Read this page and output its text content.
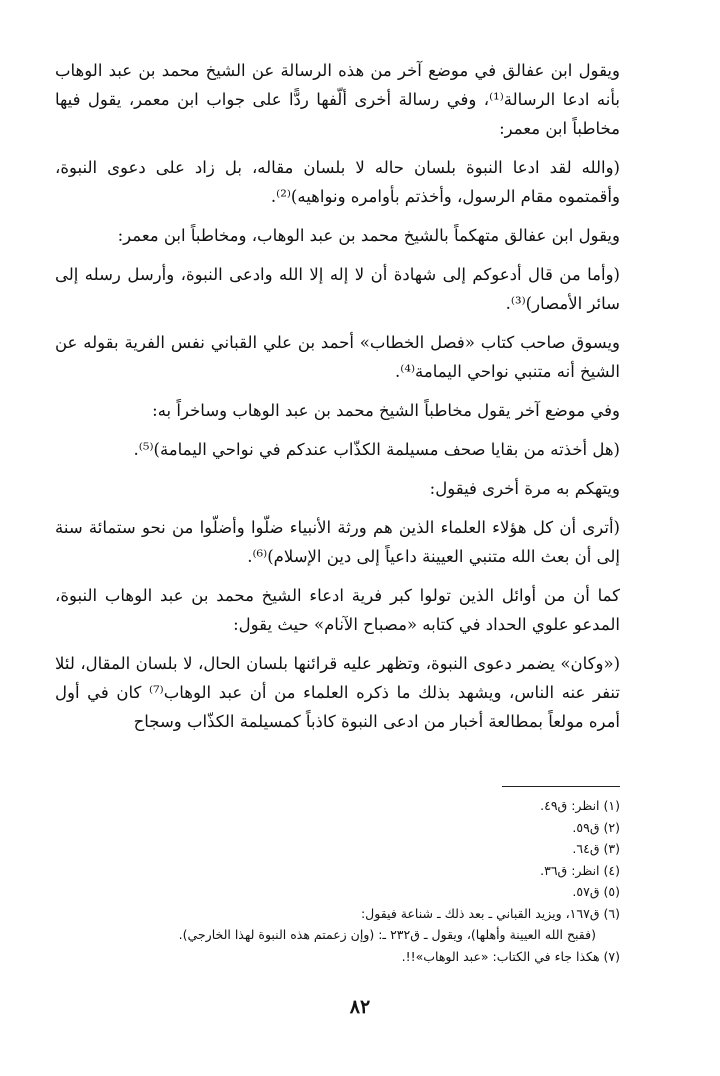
ويقول ابن عفالق في موضع آخر من هذه الرسالة عن الشيخ محمد بن عبد الوهاب بأنه ادعا الرسالة⁽¹⁾، وفي رسالة أخرى ألّفها ردًّا على جواب ابن معمر، يقول فيها مخاطباً ابن معمر:

(والله لقد ادعا النبوة بلسان حاله لا بلسان مقاله، بل زاد على دعوى النبوة، وأقمتموه مقام الرسول، وأخذتم بأوامره ونواهيه)⁽²⁾.

ويقول ابن عفالق متهكماً بالشيخ محمد بن عبد الوهاب، ومخاطباً ابن معمر:

(وأما من قال أدعوكم إلى شهادة أن لا إله إلا الله وادعى النبوة، وأرسل رسله إلى سائر الأمصار)⁽³⁾.

ويسوق صاحب كتاب «فصل الخطاب» أحمد بن علي القباني نفس الفرية بقوله عن الشيخ أنه متنبي نواحي اليمامة⁽⁴⁾.

وفي موضع آخر يقول مخاطباً الشيخ محمد بن عبد الوهاب وساخراً به:

(هل أخذته من بقايا صحف مسيلمة الكذّاب عندكم في نواحي اليمامة)⁽⁵⁾.

ويتهكم به مرة أخرى فيقول:

(أترى أن كل هؤلاء العلماء الذين هم ورثة الأنبياء ضلّوا وأضلّوا من نحو ستمائة سنة إلى أن بعث الله متنبي العيينة داعياً إلى دين الإسلام)⁽⁶⁾.

كما أن من أوائل الذين تولوا كبر فرية ادعاء الشيخ محمد بن عبد الوهاب النبوة، المدعو علوي الحداد في كتابه «مصباح الآنام» حيث يقول:

(«وكان» يضمر دعوى النبوة، وتظهر عليه قرائنها بلسان الحال، لا بلسان المقال، لئلا تنفر عنه الناس، ويشهد بذلك ما ذكره العلماء من أن عبد الوهاب⁽⁷⁾ كان في أول أمره مولعاً بمطالعة أخبار من ادعى النبوة كاذباً كمسيلمة الكذّاب وسجاح

(١) انظر: ق٤٩.

(٢) ق٥٩.

(٣) ق٦٤.

(٤) انظر: ق٣٦.

(٥) ق٥٧.

(٦) ق١٦٧، ويزيد القباني ـ بعد ذلك ـ شناعة فيقول:

(فقبح الله العيينة وأهلها)، ويقول ـ ق٢٣٢ ـ: (وإن زعمتم هذه النبوة لهذا الخارجي).

(٧) هكذا جاء في الكتاب: «عبد الوهاب»!!.

٨٢
